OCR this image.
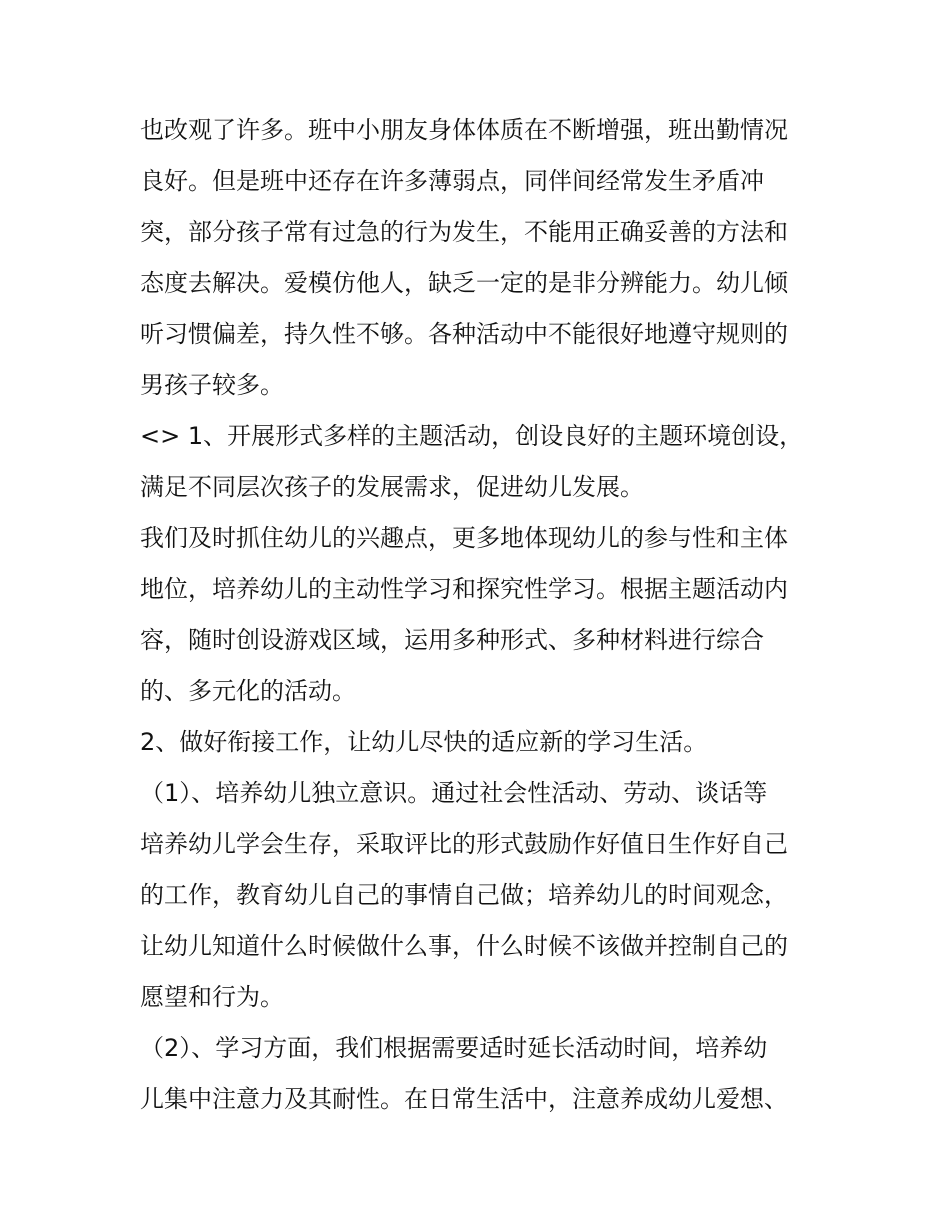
也改观了许多。班中小朋友身体体质在不断增强，班出勤情况

良好。但是班中还存在许多薄弱点，同伴间经常发生矛盾冲

突，部分孩子常有过急的行为发生，不能用正确妥善的方法和

态度去解决。爱模仿他人，缺乏一定的是非分辨能力。幼儿倾

听习惯偏差，持久性不够。各种活动中不能很好地遵守规则的

男孩子较多。

<> 1、开展形式多样的主题活动，创设良好的主题环境创设，

满足不同层次孩子的发展需求，促进幼儿发展。

我们及时抓住幼儿的兴趣点，更多地体现幼儿的参与性和主体

地位，培养幼儿的主动性学习和探究性学习。根据主题活动内

容，随时创设游戏区域，运用多种形式、多种材料进行综合

的、多元化的活动。

2、做好衔接工作，让幼儿尽快的适应新的学习生活。

（1）、培养幼儿独立意识。通过社会性活动、劳动、谈话等

培养幼儿学会生存，采取评比的形式鼓励作好值日生作好自己

的工作，教育幼儿自己的事情自己做；培养幼儿的时间观念，

让幼儿知道什么时候做什么事，什么时候不该做并控制自己的

愿望和行为。

（2）、学习方面，我们根据需要适时延长活动时间，培养幼

儿集中注意力及其耐性。在日常生活中，注意养成幼儿爱想、
